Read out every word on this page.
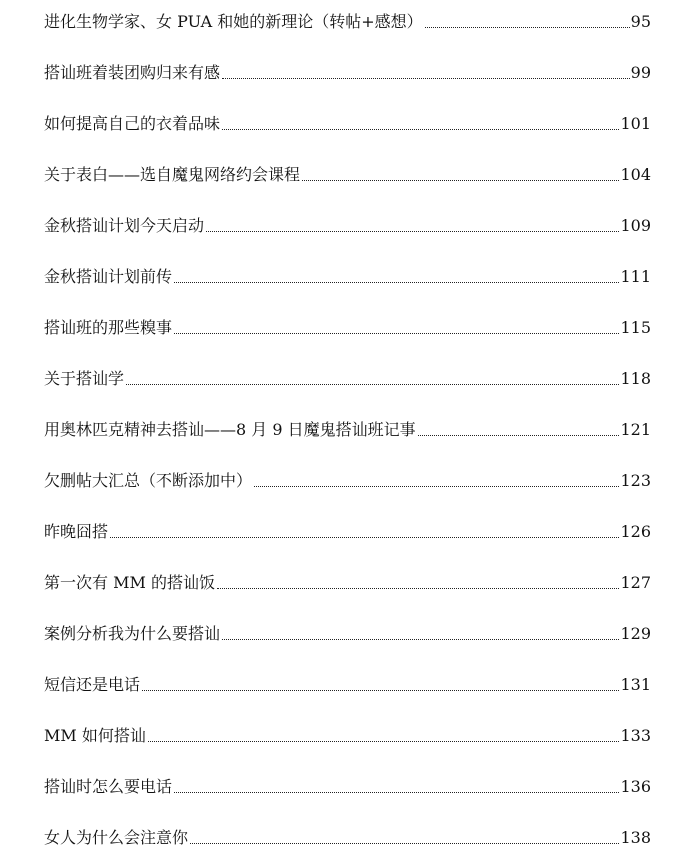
进化生物学家、女 PUA 和她的新理论（转帖+感想）	95
搭讪班着装团购归来有感	99
如何提高自己的衣着品味	101
关于表白——选自魔鬼网络约会课程	104
金秋搭讪计划今天启动	109
金秋搭讪计划前传	111
搭讪班的那些糗事	115
关于搭讪学	118
用奥林匹克精神去搭讪——8 月 9 日魔鬼搭讪班记事	121
欠删帖大汇总（不断添加中）	123
昨晚囧搭	126
第一次有 MM 的搭讪饭	127
案例分析我为什么要搭讪	129
短信还是电话	131
MM 如何搭讪	133
搭讪时怎么要电话	136
女人为什么会注意你	138
